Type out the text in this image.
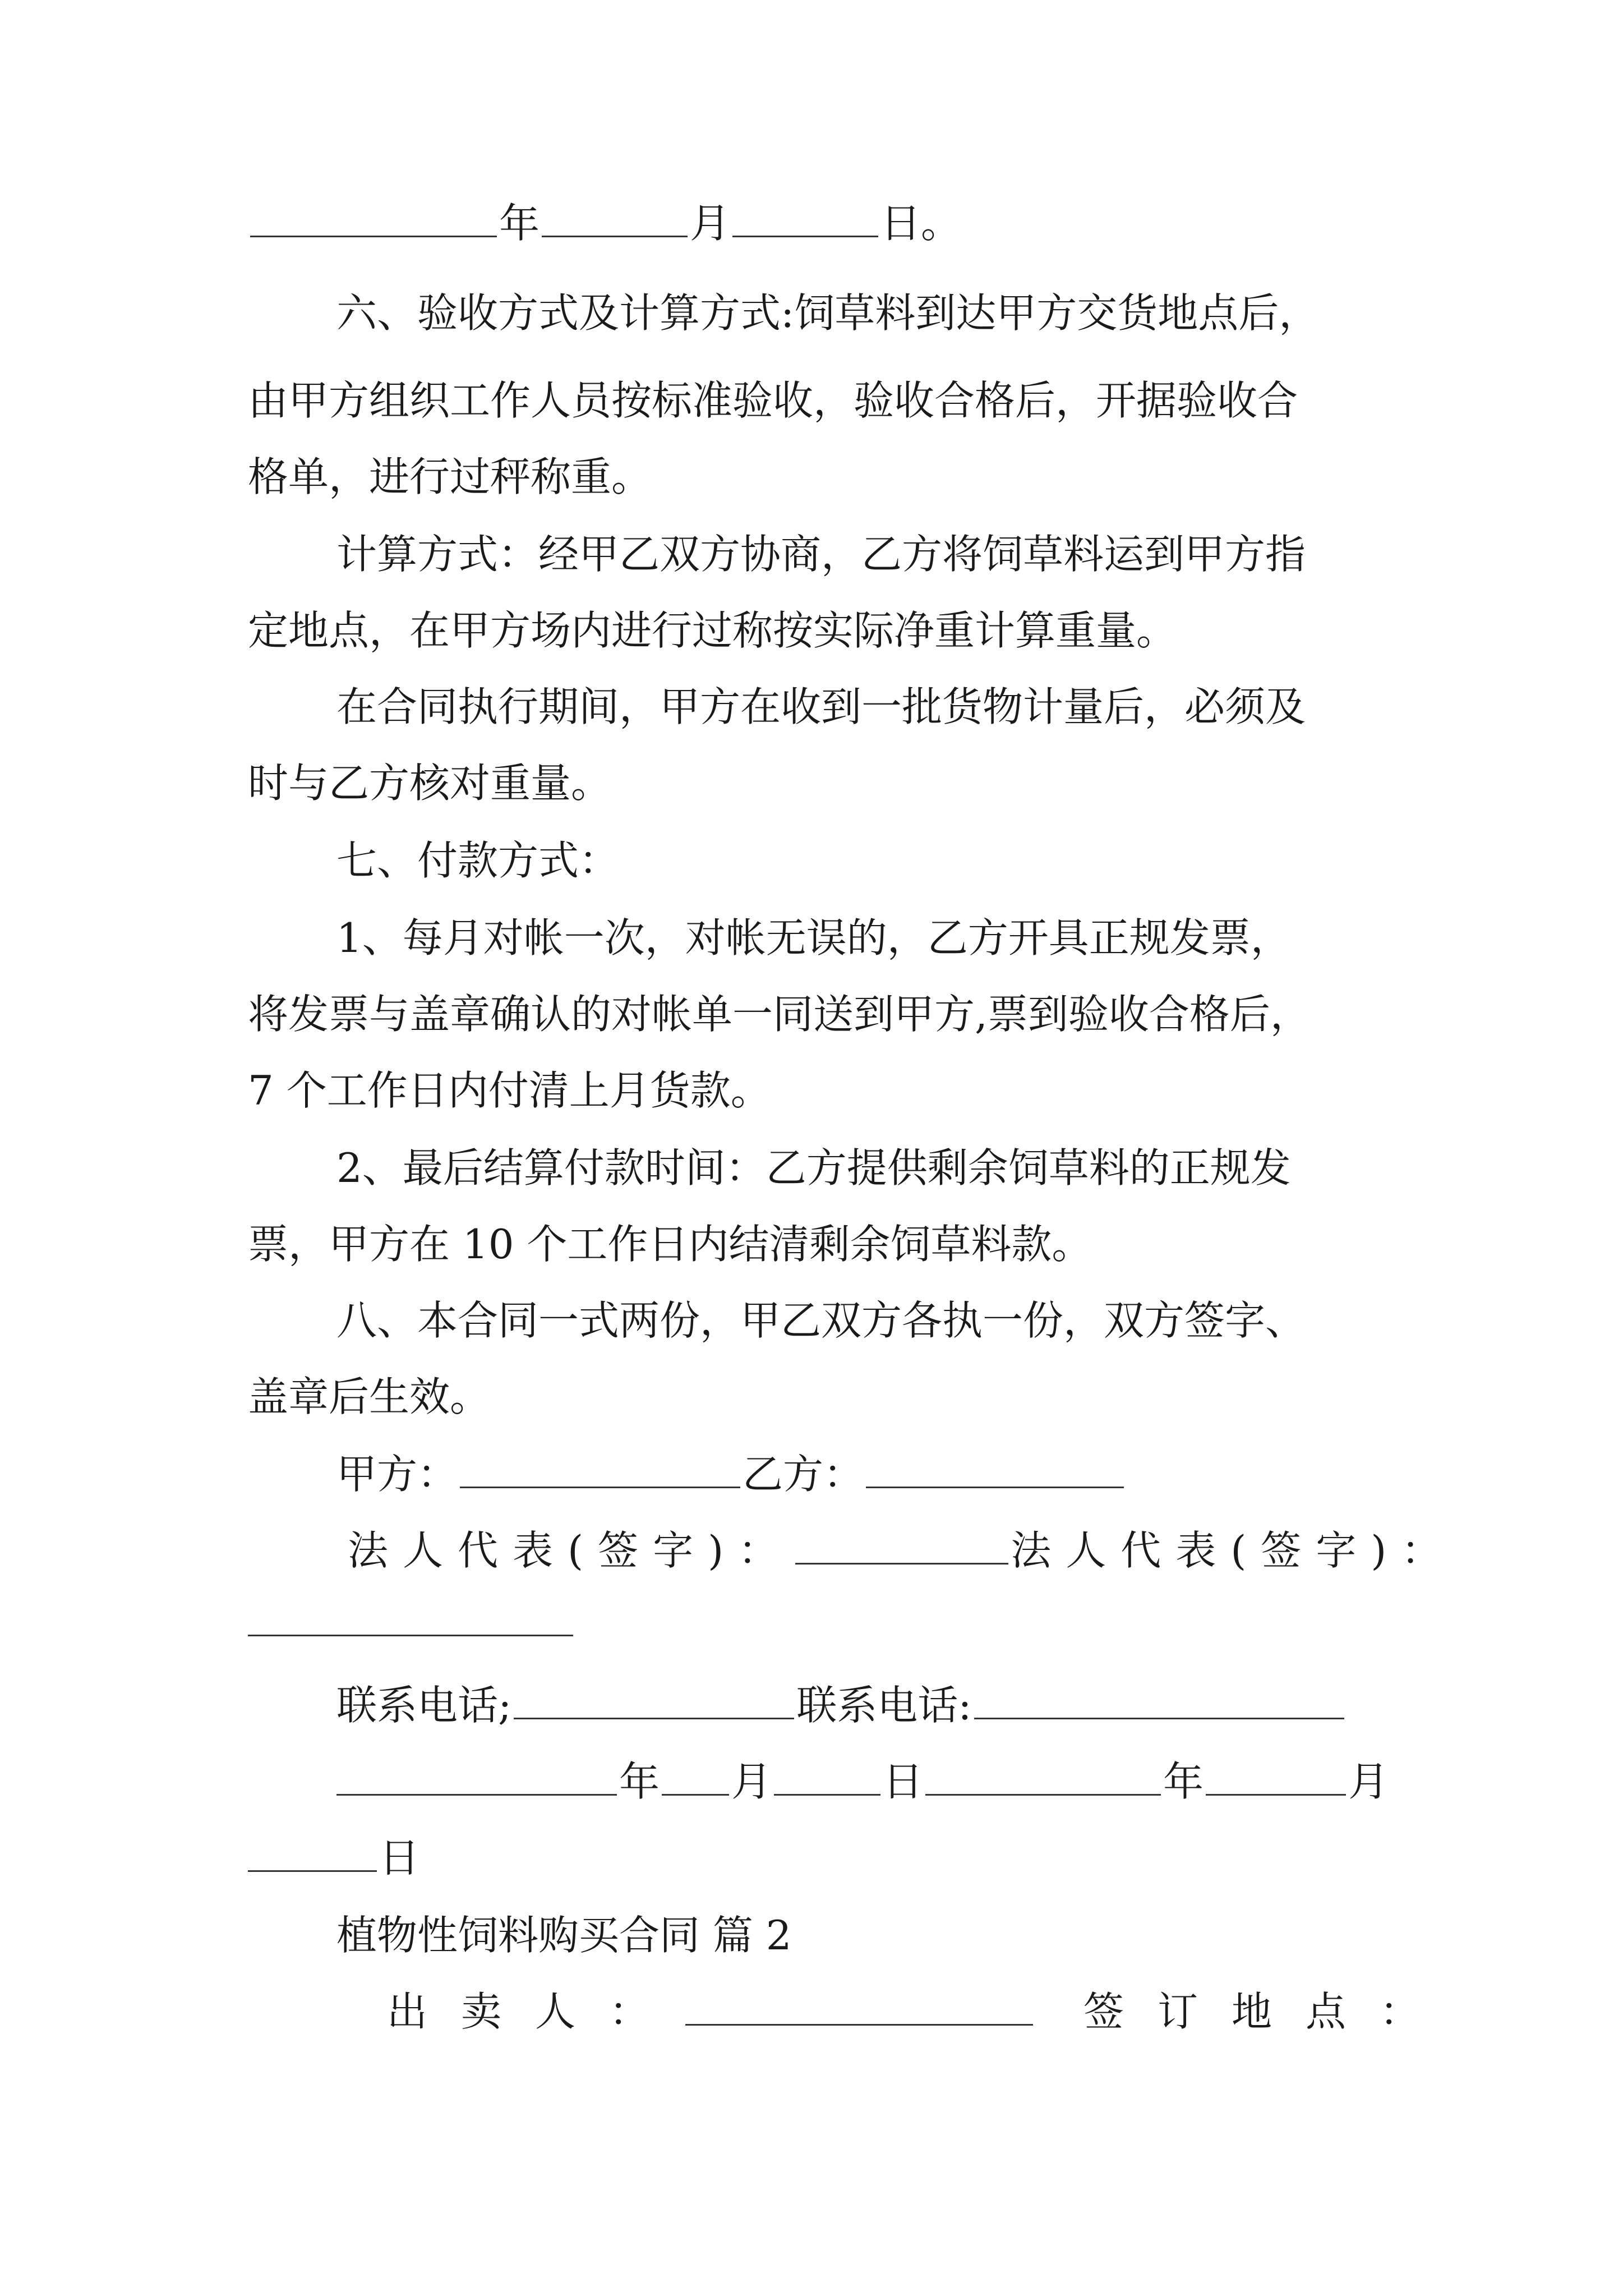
年	月	日。
六、验收方式及计算方式:饲草料到达甲方交货地点后，
由甲方组织工作人员按标准验收，验收合格后，开据验收合
格单，进行过秤称重。
计算方式：经甲乙双方协商，乙方将饲草料运到甲方指
定地点，在甲方场内进行过称按实际净重计算重量。
在合同执行期间，甲方在收到一批货物计量后，必须及
时与乙方核对重量。
七、付款方式：
1、每月对帐一次，对帐无误的，乙方开具正规发票，
将发票与盖章确认的对帐单一同送到甲方,票到验收合格后，
7 个工作日内付清上月货款。
2、最后结算付款时间：乙方提供剩余饲草料的正规发
票，甲方在 10 个工作日内结清剩余饲草料款。
八、本合同一式两份，甲乙双方各执一份，双方签字、
盖章后生效。
甲方：	乙方：
法人代表(签字)：	法人代表(签字)：
联系电话;	联系电话:
年 月	日	年	月
日
植物性饲料购买合同 篇 2
出卖人：	签订地点：
